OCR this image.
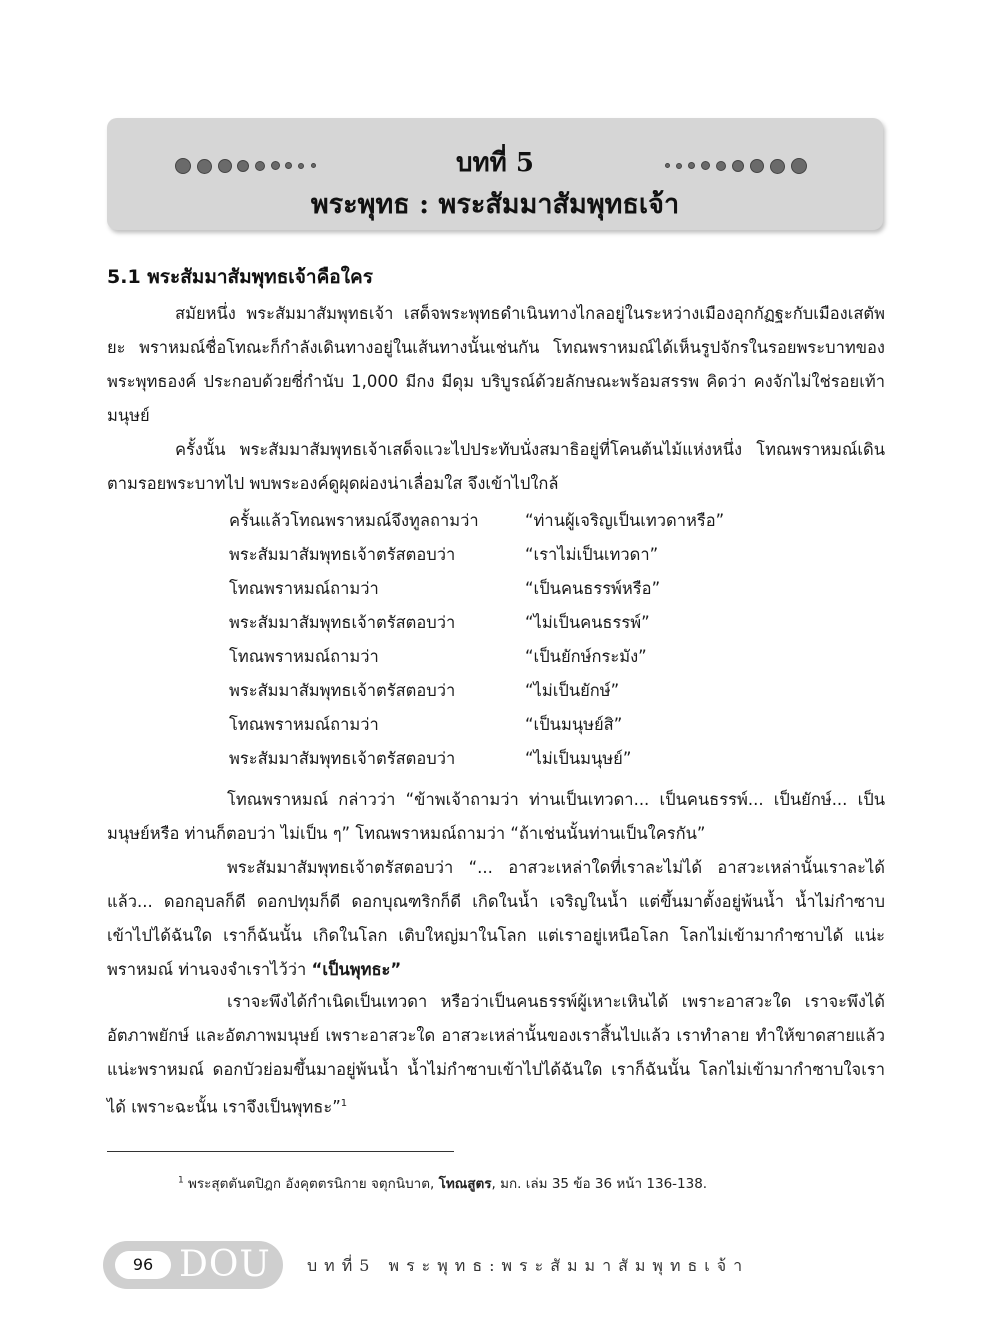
บทที่ 5
พระพุทธ : พระสัมมาสัมพุทธเจ้า
5.1 พระสัมมาสัมพุทธเจ้าคือใคร
สมัยหนึ่ง พระสัมมาสัมพุทธเจ้า เสด็จพระพุทธดำเนินทางไกลอยู่ในระหว่างเมืองอุกกัฏฐะกับเมืองเสตัพยะ พราหมณ์ชื่อโทณะก็กำลังเดินทางอยู่ในเส้นทางนั้นเช่นกัน โทณพราหมณ์ได้เห็นรูปจักรในรอยพระบาทของพระพุทธองค์ ประกอบด้วยซี่กำนับ 1,000 มีกง มีดุม บริบูรณ์ด้วยลักษณะพร้อมสรรพ คิดว่า คงจักไม่ใช่รอยเท้ามนุษย์
ครั้งนั้น พระสัมมาสัมพุทธเจ้าเสด็จแวะไปประทับนั่งสมาธิอยู่ที่โคนต้นไม้แห่งหนึ่ง โทณพราหมณ์เดินตามรอยพระบาทไป พบพระองค์ดูผุดผ่องน่าเลื่อมใส จึงเข้าไปใกล้
ครั้นแล้วโทณพราหมณ์จึงทูลถามว่า	“ท่านผู้เจริญเป็นเทวดาหรือ”
พระสัมมาสัมพุทธเจ้าตรัสตอบว่า	“เราไม่เป็นเทวดา”
โทณพราหมณ์ถามว่า	“เป็นคนธรรพ์หรือ”
พระสัมมาสัมพุทธเจ้าตรัสตอบว่า	“ไม่เป็นคนธรรพ์”
โทณพราหมณ์ถามว่า	“เป็นยักษ์กระมัง”
พระสัมมาสัมพุทธเจ้าตรัสตอบว่า	“ไม่เป็นยักษ์”
โทณพราหมณ์ถามว่า	“เป็นมนุษย์สิ”
พระสัมมาสัมพุทธเจ้าตรัสตอบว่า	“ไม่เป็นมนุษย์”
โทณพราหมณ์ กล่าวว่า “ข้าพเจ้าถามว่า ท่านเป็นเทวดา... เป็นคนธรรพ์... เป็นยักษ์... เป็นมนุษย์หรือ ท่านก็ตอบว่า ไม่เป็น ๆ” โทณพราหมณ์ถามว่า “ถ้าเช่นนั้นท่านเป็นใครกัน”
พระสัมมาสัมพุทธเจ้าตรัสตอบว่า “... อาสวะเหล่าใดที่เราละไม่ได้ อาสวะเหล่านั้นเราละได้แล้ว... ดอกอุบลก็ดี ดอกปทุมก็ดี ดอกบุณฑริกก็ดี เกิดในน้ำ เจริญในน้ำ แต่ขึ้นมาตั้งอยู่พ้นน้ำ น้ำไม่กำซาบเข้าไปได้ฉันใด เราก็ฉันนั้น เกิดในโลก เติบใหญ่มาในโลก แต่เราอยู่เหนือโลก โลกไม่เข้ามากำซาบได้ แน่ะพราหมณ์ ท่านจงจำเราไว้ว่า “เป็นพุทธะ”
เราจะพึงได้กำเนิดเป็นเทวดา หรือว่าเป็นคนธรรพ์ผู้เหาะเหินได้ เพราะอาสวะใด เราจะพึงได้อัตภาพยักษ์ และอัตภาพมนุษย์ เพราะอาสวะใด อาสวะเหล่านั้นของเราสิ้นไปแล้ว เราทำลาย ทำให้ขาดสายแล้ว แน่ะพราหมณ์ ดอกบัวย่อมขึ้นมาอยู่พ้นน้ำ น้ำไม่กำซาบเข้าไปได้ฉันใด เราก็ฉันนั้น โลกไม่เข้ามากำซาบใจเราได้ เพราะฉะนั้น เราจึงเป็นพุทธะ”$^1$
$^1$ พระสุตตันตปิฎก อังคุตตรนิกาย จตุกนิบาต, โทณสูตร, มก. เล่ม 35 ข้อ 36 หน้า 136-138.
96 DOU	บทที่5 พระพุทธ:พระสัมมาสัมพุทธเจ้า
